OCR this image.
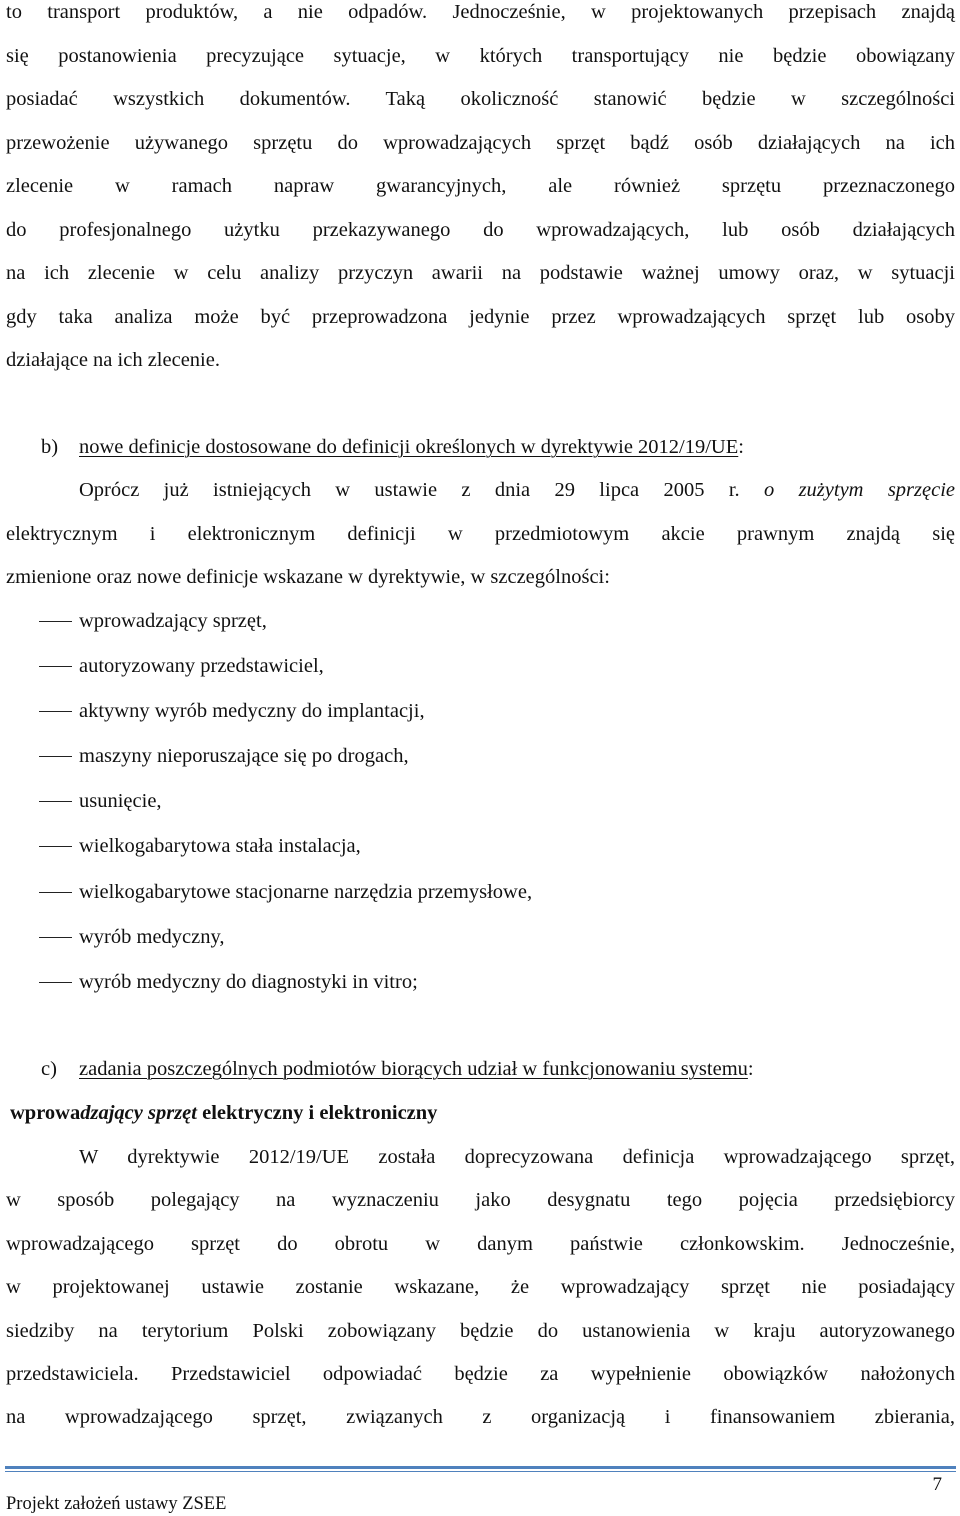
to transport produktów, a nie odpadów. Jednocześnie, w projektowanych przepisach znajdą
się postanowienia precyzujące sytuacje, w których transportujący nie będzie obowiązany
posiadać wszystkich dokumentów. Taką okoliczność stanowić będzie w szczególności
przewożenie używanego sprzętu do wprowadzających sprzęt bądź osób działających na ich
zlecenie w ramach napraw gwarancyjnych, ale również sprzętu przeznaczonego
do profesjonalnego użytku przekazywanego do wprowadzających, lub osób działających
na ich zlecenie w celu analizy przyczyn awarii na podstawie ważnej umowy oraz, w sytuacji
gdy taka analiza może być przeprowadzona jedynie przez wprowadzających sprzęt lub osoby
działające na ich zlecenie.
b) nowe definicje dostosowane do definicji określonych w dyrektywie 2012/19/UE:
Oprócz już istniejących w ustawie z dnia 29 lipca 2005 r. o zużytym sprzęcie
elektrycznym i elektronicznym definicji w przedmiotowym akcie prawnym znajdą się
zmienione oraz nowe definicje wskazane w dyrektywie, w szczególności:
wprowadzający sprzęt,
autoryzowany przedstawiciel,
aktywny wyrób medyczny do implantacji,
maszyny nieporuszające się po drogach,
usunięcie,
wielkogabarytowa stała instalacja,
wielkogabarytowe stacjonarne narzędzia przemysłowe,
wyrób medyczny,
wyrób medyczny do diagnostyki in vitro;
c) zadania poszczególnych podmiotów biorących udział w funkcjonowaniu systemu:
wprowadzający sprzęt elektryczny i elektroniczny
W dyrektywie 2012/19/UE została doprecyzowana definicja wprowadzającego sprzęt,
w sposób polegający na wyznaczeniu jako desygnatu tego pojęcia przedsiębiorcy
wprowadzającego sprzęt do obrotu w danym państwie członkowskim. Jednocześnie,
w projektowanej ustawie zostanie wskazane, że wprowadzający sprzęt nie posiadający
siedziby na terytorium Polski zobowiązany będzie do ustanowienia w kraju autoryzowanego
przedstawiciela. Przedstawiciel odpowiadać będzie za wypełnienie obowiązków nałożonych
na wprowadzającego sprzęt, związanych z organizacją i finansowaniem zbierania,
7
Projekt założeń ustawy ZSEE
